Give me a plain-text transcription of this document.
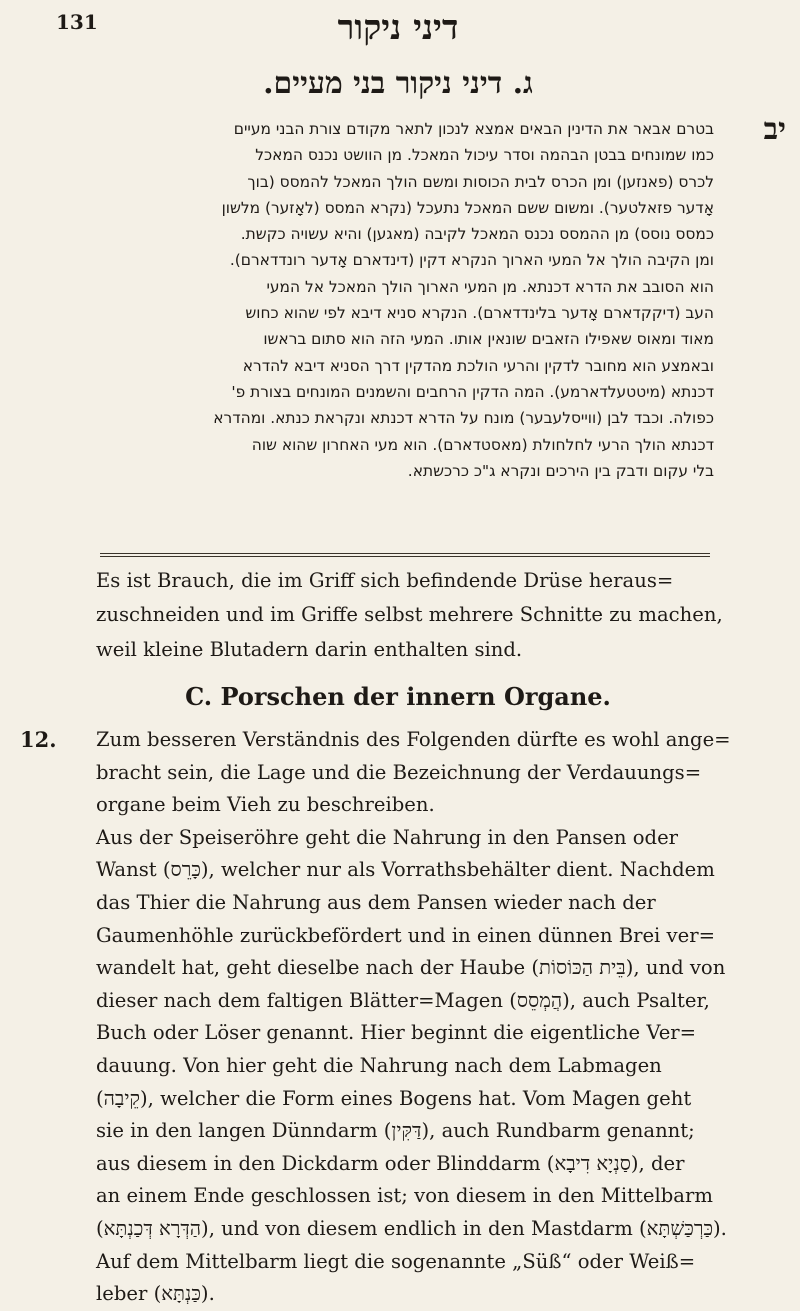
131	דיני ניקור
ג. דיני ניקור בני מעיים.
יב
בטרם אבאר את הדינין הבאים אמצא לנכון לתאר מקודם צורת הבני מעיים
כמו שמונחים בבטן הבהמה וסדר עיכול המאכל. מן הוושט נכנס המאכל
לכרס (פאנזען) ומן הכרס לבית הכוסות ומשם הולך המאכל להמסס (בוך
אָדער פזאלטער). ומשום ששם המאכל נתעכל (נקרא המסס (לאָזער) מלשון
כמסס נוסס) מן ההמסס נכנס המאכל לקיבה (מאגען) והיא עשויה כקשת.
ומן הקיבה הולך אל המעי הארוך הנקרא דקין (דינדארם אָדער רונדדארם).
הוא הסובב את הדרא דכנתא. מן המעי הארוך הולך המאכל אל המעי
העב (דיקקדארם אָדער בלינדדארם). הנקרא סניא דיבא לפי שהוא כחוש
מאוד ומאוס שאפילו הזאבים שונאין אותו. המעי הזה הוא סתום בראשו
ובאמצע הוא מחובר לדקין והרעי הולכת מהדקין דרך הסניא דיבא להדרא
דכנתא (מיטטעלדארמע). המה הדקין הרחבים והשמנים המונחים בצורת פ'
כפולה. וכבד לבן (ווייסלעבער) מונח על הדרא דכנתא ונקראת כנתא. ומהדרא
דכנתא הולך הרעי לחלחולת (מאסטדארם). הוא מעי האחרון שהוא שוה
בלי עקום ודבק בין הירכים ונקרא ג"כ כרכשתא.
Es ist Brauch, die im Griff sich befindende Drüse heraus=
zuschneiden und im Griffe selbst mehrere Schnitte zu machen,
weil kleine Blutadern darin enthalten sind.
C. Porschen der innern Organe.
12. Zum besseren Verständnis des Folgenden dürfte es wohl ange=
bracht sein, die Lage und die Bezeichnung der Verdauungs=
organe beim Vieh zu beschreiben.
Aus der Speiseröhre geht die Nahrung in den Pansen oder
Wanst (כָּרֵס), welcher nur als Vorrathsbehälter dient. Nachdem
das Thier die Nahrung aus dem Pansen wieder nach der
Gaumenhöhle zurückbefördert und in einen dünnen Brei ver=
wandelt hat, geht dieselbe nach der Haube (בֵּית הַכּוֹסוֹת), und von
dieser nach dem faltigen Blätter=Magen (הֲמְסֵס), auch Psalter,
Buch oder Löser genannt. Hier beginnt die eigentliche Ver=
dauung. Von hier geht die Nahrung nach dem Labmagen
(קֵיבָה), welcher die Form eines Bogens hat. Vom Magen geht
sie in den langen Dünndarm (דַּקִּין), auch Rundbarm genannt;
aus diesem in den Dickdarm oder Blinddarm (סַנְיָא דִיבָא), der
an einem Ende geschlossen ist; von diesem in den Mittelbarm
(הַדְּרָא דְּכַנְתָּא), und von diesem endlich in den Mastdarm (כַּרְכַּשְׁתָּא).
Auf dem Mittelbarm liegt die sogenannte „Süß“ oder Weiß=
leber (כַּנְתָּא).
